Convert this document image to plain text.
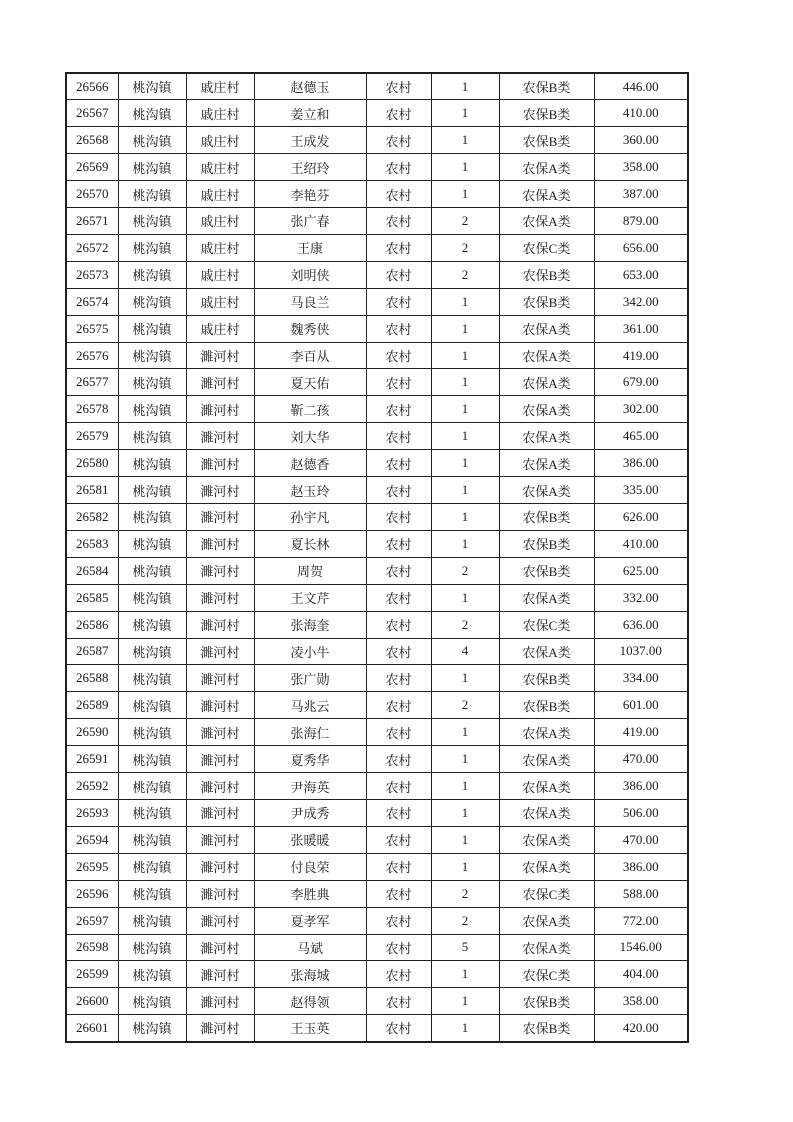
26566	桃沟镇	戚庄村	赵德玉	农村	1	农保B类	446.00
26567	桃沟镇	戚庄村	姜立和	农村	1	农保B类	410.00
26568	桃沟镇	戚庄村	王成发	农村	1	农保B类	360.00
26569	桃沟镇	戚庄村	王绍玲	农村	1	农保A类	358.00
26570	桃沟镇	戚庄村	李艳芬	农村	1	农保A类	387.00
26571	桃沟镇	戚庄村	张广春	农村	2	农保A类	879.00
26572	桃沟镇	戚庄村	王康	农村	2	农保C类	656.00
26573	桃沟镇	戚庄村	刘明侠	农村	2	农保B类	653.00
26574	桃沟镇	戚庄村	马良兰	农村	1	农保B类	342.00
26575	桃沟镇	戚庄村	魏秀侠	农村	1	农保A类	361.00
26576	桃沟镇	濉河村	李百从	农村	1	农保A类	419.00
26577	桃沟镇	濉河村	夏天佑	农村	1	农保A类	679.00
26578	桃沟镇	濉河村	靳二孩	农村	1	农保A类	302.00
26579	桃沟镇	濉河村	刘大华	农村	1	农保A类	465.00
26580	桃沟镇	濉河村	赵德香	农村	1	农保A类	386.00
26581	桃沟镇	濉河村	赵玉玲	农村	1	农保A类	335.00
26582	桃沟镇	濉河村	孙宇凡	农村	1	农保B类	626.00
26583	桃沟镇	濉河村	夏长林	农村	1	农保B类	410.00
26584	桃沟镇	濉河村	周贺	农村	2	农保B类	625.00
26585	桃沟镇	濉河村	王文芹	农村	1	农保A类	332.00
26586	桃沟镇	濉河村	张海奎	农村	2	农保C类	636.00
26587	桃沟镇	濉河村	凌小牛	农村	4	农保A类	1037.00
26588	桃沟镇	濉河村	张广勋	农村	1	农保B类	334.00
26589	桃沟镇	濉河村	马兆云	农村	2	农保B类	601.00
26590	桃沟镇	濉河村	张海仁	农村	1	农保A类	419.00
26591	桃沟镇	濉河村	夏秀华	农村	1	农保A类	470.00
26592	桃沟镇	濉河村	尹海英	农村	1	农保A类	386.00
26593	桃沟镇	濉河村	尹成秀	农村	1	农保A类	506.00
26594	桃沟镇	濉河村	张暖暖	农村	1	农保A类	470.00
26595	桃沟镇	濉河村	付良荣	农村	1	农保A类	386.00
26596	桃沟镇	濉河村	李胜典	农村	2	农保C类	588.00
26597	桃沟镇	濉河村	夏孝军	农村	2	农保A类	772.00
26598	桃沟镇	濉河村	马斌	农村	5	农保A类	1546.00
26599	桃沟镇	濉河村	张海城	农村	1	农保C类	404.00
26600	桃沟镇	濉河村	赵得领	农村	1	农保B类	358.00
26601	桃沟镇	濉河村	王玉英	农村	1	农保B类	420.00
